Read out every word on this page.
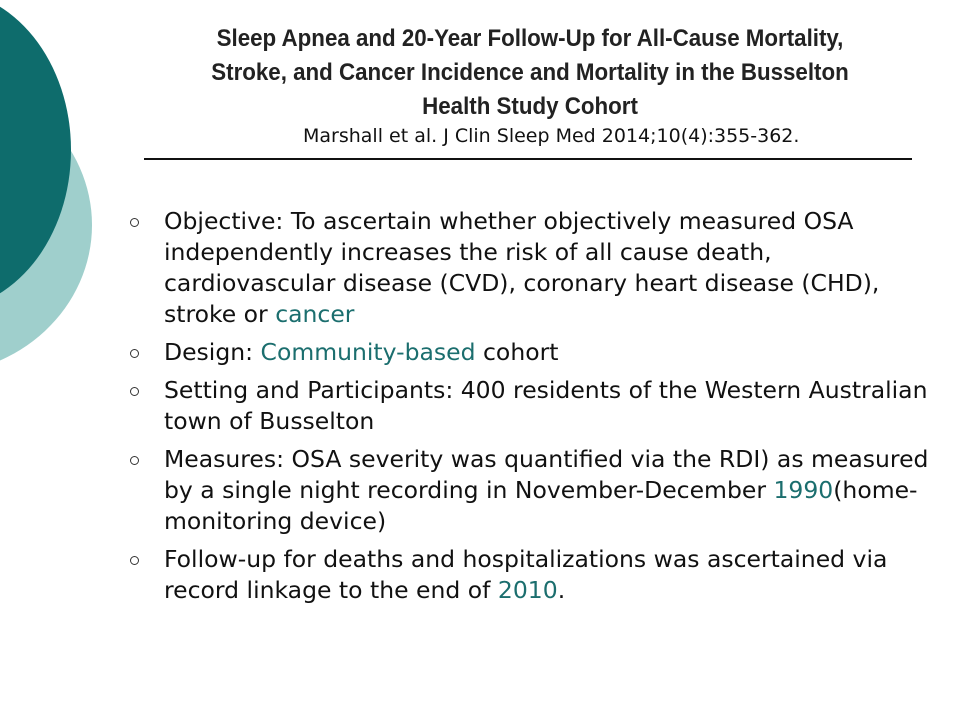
Sleep Apnea and 20-Year Follow-Up for All-Cause Mortality,
Stroke, and Cancer Incidence and Mortality in the Busselton
Health Study Cohort
Marshall et al. J Clin Sleep Med 2014;10(4):355-362.
Objective: To ascertain whether objectively measured OSA independently increases the risk of all cause death, cardiovascular disease (CVD), coronary heart disease (CHD), stroke or cancer
Design: Community-based cohort
Setting and Participants: 400 residents of the Western Australian town of Busselton
Measures: OSA severity was quantified via the RDI) as measured by a single night recording in November-December 1990(home-monitoring device)
Follow-up for deaths and hospitalizations was ascertained via record linkage to the end of 2010.
